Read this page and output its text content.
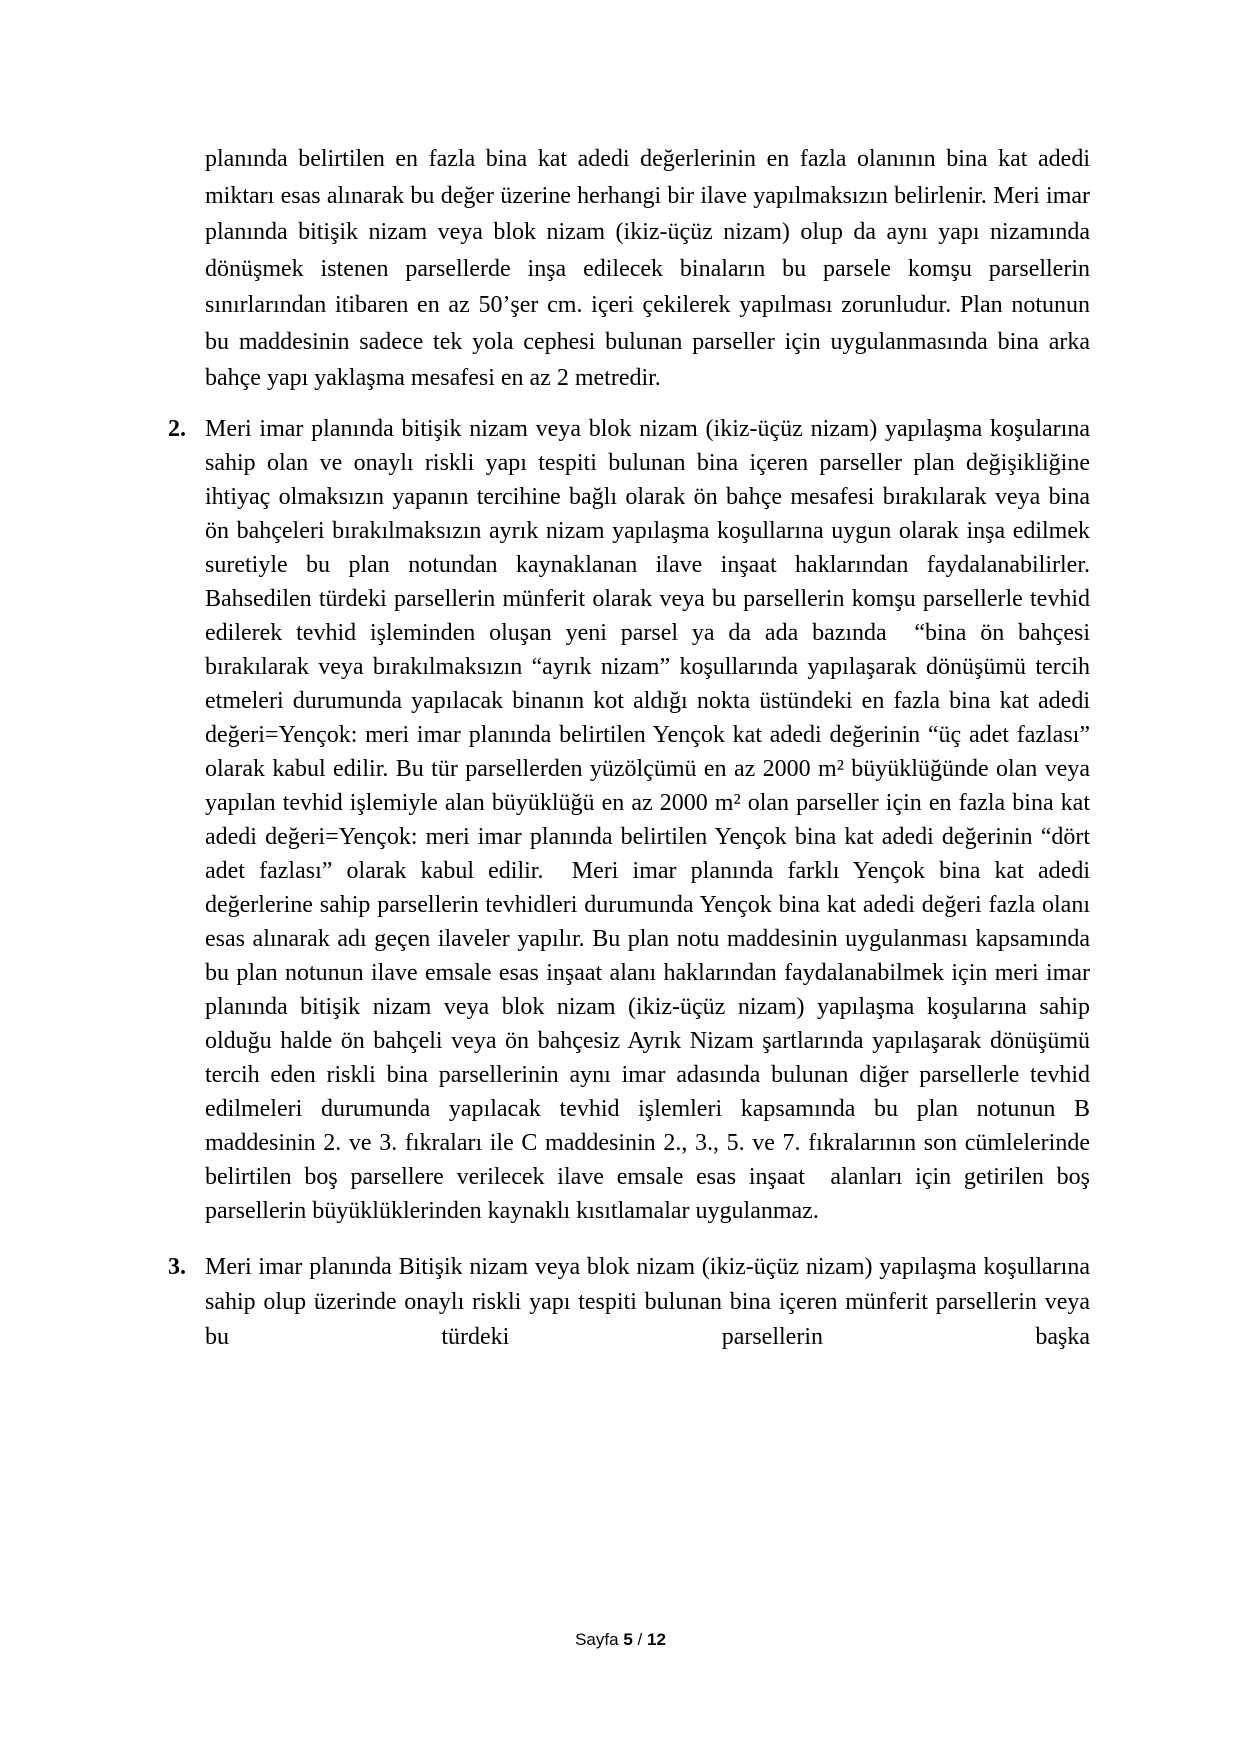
planında belirtilen en fazla bina kat adedi değerlerinin en fazla olanının bina kat adedi miktarı esas alınarak bu değer üzerine herhangi bir ilave yapılmaksızın belirlenir. Meri imar planında bitişik nizam veya blok nizam (ikiz-üçüz nizam) olup da aynı yapı nizamında dönüşmek istenen parsellerde inşa edilecek binaların bu parsele komşu parsellerin sınırlarından itibaren en az 50’şer cm. içeri çekilerek yapılması zorunludur. Plan notunun bu maddesinin sadece tek yola cephesi bulunan parseller için uygulanmasında bina arka bahçe yapı yaklaşma mesafesi en az 2 metredir.
2. Meri imar planında bitişik nizam veya blok nizam (ikiz-üçüz nizam) yapılaşma koşularına sahip olan ve onaylı riskli yapı tespiti bulunan bina içeren parseller plan değişikliğine ihtiyaç olmaksızın yapanın tercihine bağlı olarak ön bahçe mesafesi bırakılarak veya bina ön bahçeleri bırakılmaksızın ayrık nizam yapılaşma koşullarına uygun olarak inşa edilmek suretiyle bu plan notundan kaynaklanan ilave inşaat haklarından faydalanabilirler. Bahsedilen türdeki parsellerin münferit olarak veya bu parsellerin komşu parsellerle tevhid edilerek tevhid işleminden oluşan yeni parsel ya da ada bazında  “bina ön bahçesi bırakılarak veya bırakılmaksızın “ayrık nizam” koşullarında yapılaşarak dönüşümü tercih etmeleri durumunda yapılacak binanın kot aldığı nokta üstündeki en fazla bina kat adedi değeri=Yençok: meri imar planında belirtilen Yençok kat adedi değerinin “üç adet fazlası” olarak kabul edilir. Bu tür parsellerden yüzölçümü en az 2000 m² büyüklüğünde olan veya yapılan tevhid işlemiyle alan büyüklüğü en az 2000 m² olan parseller için en fazla bina kat adedi değeri=Yençok: meri imar planında belirtilen Yençok bina kat adedi değerinin “dört adet fazlası” olarak kabul edilir.  Meri imar planında farklı Yençok bina kat adedi değerlerine sahip parsellerin tevhidleri durumunda Yençok bina kat adedi değeri fazla olanı esas alınarak adı geçen ilaveler yapılır. Bu plan notu maddesinin uygulanması kapsamında bu plan notunun ilave emsale esas inşaat alanı haklarından faydalanabilmek için meri imar planında bitişik nizam veya blok nizam (ikiz-üçüz nizam) yapılaşma koşularına sahip olduğu halde ön bahçeli veya ön bahçesiz Ayrık Nizam şartlarında yapılaşarak dönüşümü tercih eden riskli bina parsellerinin aynı imar adasında bulunan diğer parsellerle tevhid edilmeleri durumunda yapılacak tevhid işlemleri kapsamında bu plan notunun B maddesinin 2. ve 3. fıkraları ile C maddesinin 2., 3., 5. ve 7. fıkralarının son cümlelerinde belirtilen boş parsellere verilecek ilave emsale esas inşaat  alanları için getirilen boş parsellerin büyüklüklerinden kaynaklı kısıtlamalar uygulanmaz.
3. Meri imar planında Bitişik nizam veya blok nizam (ikiz-üçüz nizam) yapılaşma koşullarına sahip olup üzerinde onaylı riskli yapı tespiti bulunan bina içeren münferit parsellerin veya bu türdeki parsellerin başka
Sayfa 5 / 12
